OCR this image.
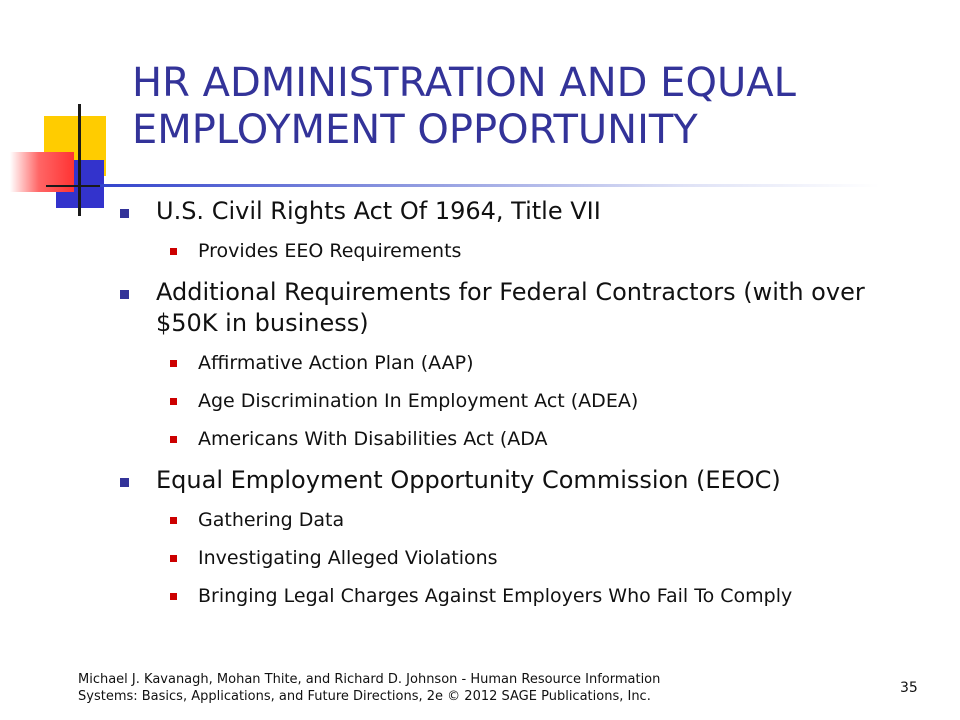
HR ADMINISTRATION AND EQUAL EMPLOYMENT OPPORTUNITY
U.S. Civil Rights Act Of 1964, Title VII
Provides EEO Requirements
Additional Requirements for Federal Contractors (with over $50K in business)
Affirmative Action Plan (AAP)
Age Discrimination In Employment Act (ADEA)
Americans With Disabilities Act (ADA
Equal Employment Opportunity Commission (EEOC)
Gathering Data
Investigating Alleged Violations
Bringing Legal Charges Against Employers Who Fail To Comply

Michael J. Kavanagh, Mohan Thite, and Richard D. Johnson - Human Resource Information Systems: Basics, Applications, and Future Directions, 2e © 2012 SAGE Publications, Inc.

35
